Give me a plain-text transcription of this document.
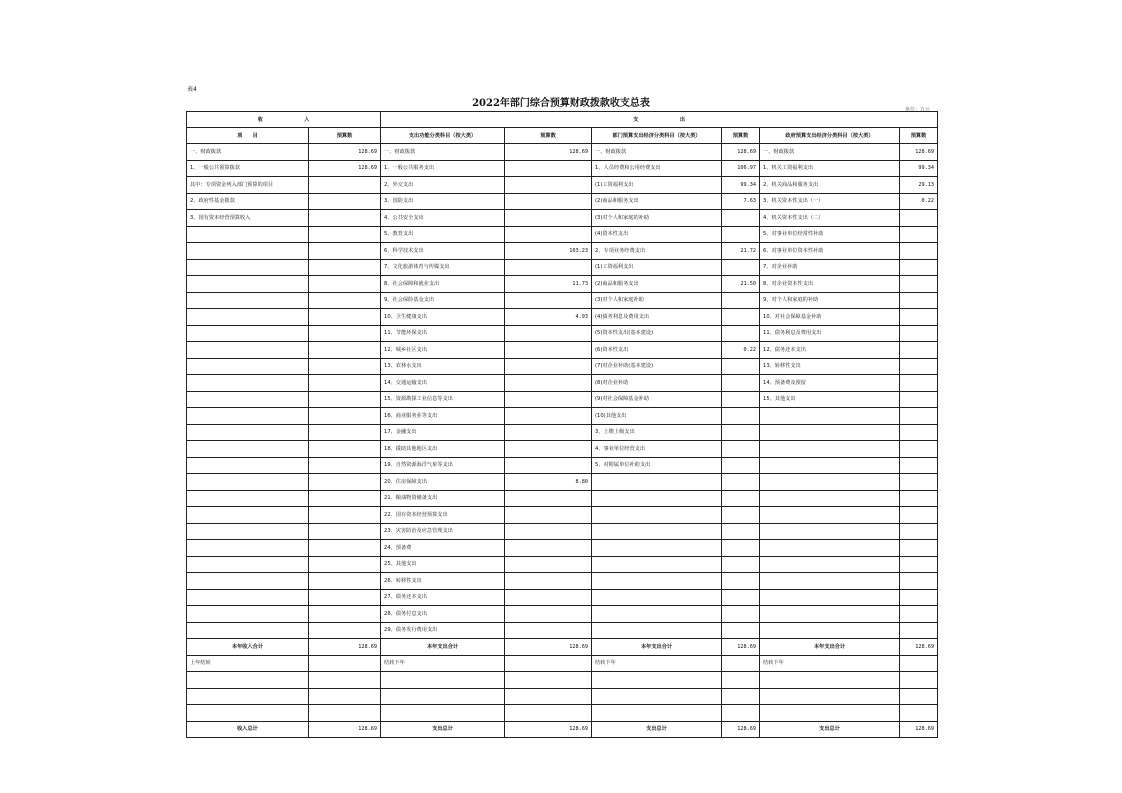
表4
2022年部门综合预算财政拨款收支总表
单位：万元
收　　　　　　　　入		支　　　　　　　　出					
项　　目	预算数	支出功能分类科目（按大类）	预算数	部门预算支出经济分类科目（按大类）	预算数	政府预算支出经济分类科目（按大类）	预算数
一、财政拨款	128.69	一、财政拨款	128.69	一、财政拨款	128.69	一、财政拨款	128.69
1、一般公共预算拨款	128.69	1、一般公共服务支出		1、人员经费和公用经费支出	106.97	1、机关工资福利支出	99.34
其中：专项资金列入部门预算的项目		2、外交支出		(1)工资福利支出	99.34	2、机关商品和服务支出	29.13
2、政府性基金拨款		3、国防支出		(2)商品和服务支出	7.63	3、机关资本性支出（一）	0.22
3、国有资本经营预算收入		4、公共安全支出		(3)对个人和家庭的补助		4、机关资本性支出（二）	
		5、教育支出		(4)资本性支出		5、对事业单位经常性补助	
		6、科学技术支出	103.23	2、专项业务经费支出	21.72	6、对事业单位资本性补助	
		7、文化旅游体育与传媒支出		(1)工资福利支出		7、对企业补助	
		8、社会保障和就业支出	11.73	(2)商品和服务支出	21.50	8、对企业资本性支出	
		9、社会保险基金支出		(3)对个人和家庭补助		9、对个人和家庭的补助	
		10、卫生健康支出	4.93	(4)债务利息及费用支出		10、对社会保障基金补助	
		11、节能环保支出		(5)资本性支出(基本建设)		11、债务利息及费用支出	
		12、城乡社区支出		(6)资本性支出	0.22	12、债务还本支出	
		13、农林水支出		(7)对企业补助(基本建设)		13、转移性支出	
		14、交通运输支出		(8)对企业补助		14、预备费及预留	
		15、资源勘探工业信息等支出		(9)对社会保障基金补助		15、其他支出	
		16、商业服务业等支出		(10)其他支出			
		17、金融支出		3、上缴上级支出			
		18、援助其他地区支出		4、事业单位经营支出			
		19、自然资源海洋气象等支出		5、对附属单位补助支出			
		20、住房保障支出	8.80				
		21、粮油物资储备支出					
		22、国有资本经营预算支出					
		23、灾害防治及应急管理支出					
		24、预备费					
		25、其他支出					
		26、转移性支出					
		27、债务还本支出					
		28、债务付息支出					
		29、债务发行费用支出					
本年收入合计	128.69	本年支出合计	128.69	本年支出合计	128.69	本年支出合计	128.69
上年结转		结转下年		结转下年		结转下年	

收入总计	128.69	支出总计	128.69	支出总计	128.69	支出总计	128.69
